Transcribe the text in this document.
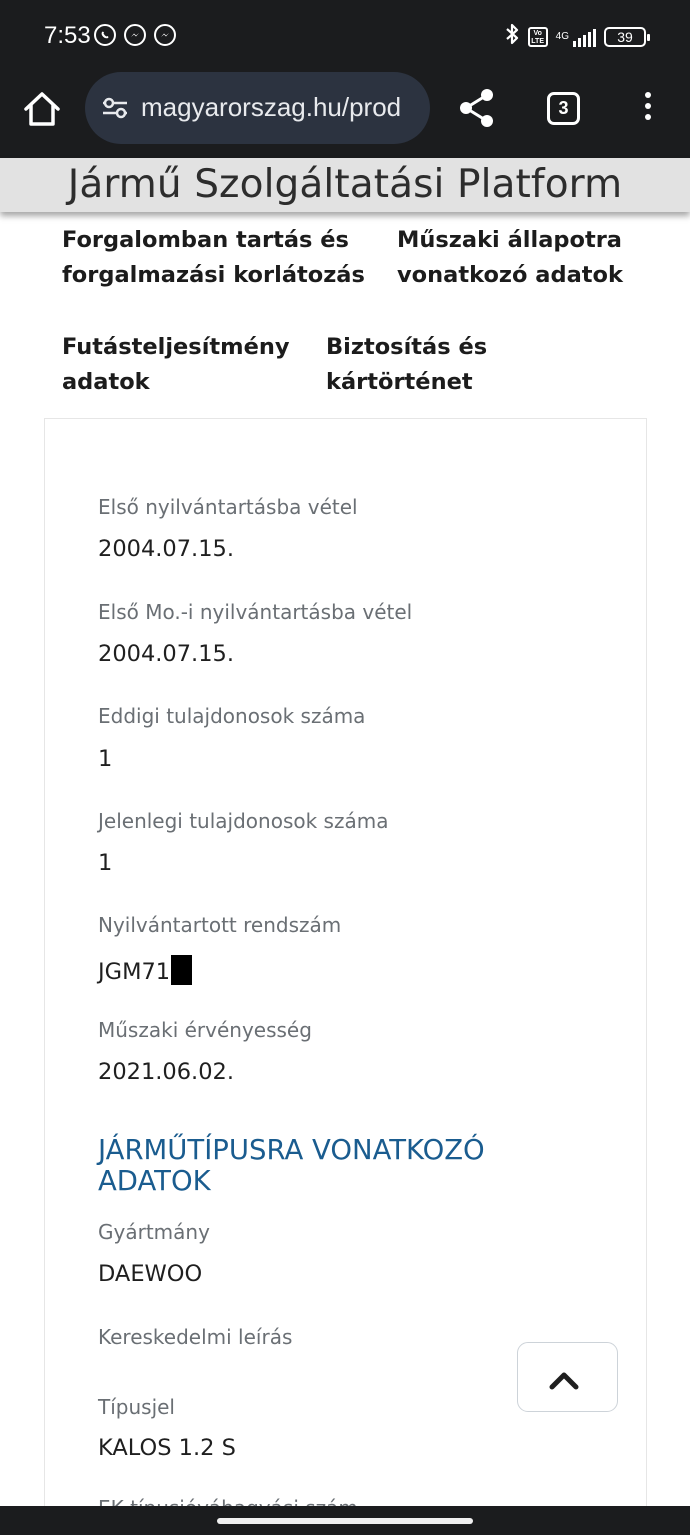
7:53	Vo LTE	4G	39
magyarorszag.hu/prod	3
Jármű Szolgáltatási Platform
Forgalomban tartás és
forgalmazási korlátozás
Műszaki állapotra
vonatkozó adatok
Futásteljesítmény
adatok
Biztosítás és
kártörténet
Első nyilvántartásba vétel
2004.07.15.
Első Mo.-i nyilvántartásba vétel
2004.07.15.
Eddigi tulajdonosok száma
1
Jelenlegi tulajdonosok száma
1
Nyilvántartott rendszám
JGM71
Műszaki érvényesség
2021.06.02.
JÁRMŰTÍPUSRA VONATKOZÓ
ADATOK
Gyártmány
DAEWOO
Kereskedelmi leírás
Típusjel
KALOS 1.2 S
